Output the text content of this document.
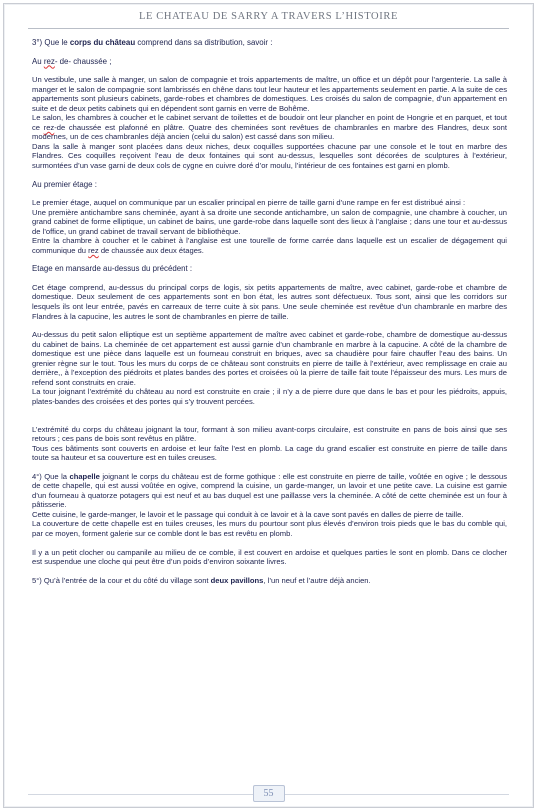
LE CHATEAU DE SARRY A TRAVERS L’HISTOIRE

3°) Que le corps du château comprend dans sa distribution, savoir :

Au rez- de- chaussée ;

Un vestibule, une salle à manger, un salon de compagnie et trois appartements de maître, un office et un dépôt pour l’argenterie. La salle à manger et le salon de compagnie sont lambrissés en chêne dans tout leur hauteur et les appartements seulement en partie. A la suite de ces appartements sont plusieurs cabinets, garde-robes et chambres de domestiques. Les croisés du salon de compagnie, d’un appartement en suite et de deux petits cabinets qui en dépendent sont garnis en verre de Bohême.

Le salon, les chambres à coucher et le cabinet servant de toilettes et de boudoir ont leur plancher en point de Hongrie et en parquet, et tout ce rez-de chaussée est plafonné en plâtre. Quatre des cheminées sont revêtues de chambranles en marbre des Flandres, deux sont modernes, un de ces chambranles déjà ancien (celui du salon) est cassé dans son milieu.

Dans la salle à manger sont placées dans deux niches, deux coquilles supportées chacune par une console et le tout en marbre des Flandres. Ces coquilles reçoivent l’eau de deux fontaines qui sont au-dessus, lesquelles sont décorées de sculptures à l’extérieur, surmontées d’un vase garni de deux cols de cygne en cuivre doré d’or moulu, l’intérieur de ces fontaines est garni en plomb.

Au premier étage :

Le premier étage, auquel on communique par un escalier principal en pierre de taille garni d’une rampe en fer est distribué ainsi :

Une première antichambre sans cheminée, ayant à sa droite une seconde antichambre, un salon de compagnie, une chambre à coucher, un grand cabinet de forme elliptique, un cabinet de bains, une garde-robe dans laquelle sont des lieux à l’anglaise ; dans une tour et au-dessus de l’office, un grand cabinet de travail servant de bibliothèque.

Entre la chambre à coucher et le cabinet à l’anglaise est une tourelle de forme carrée dans laquelle est un escalier de dégagement qui communique du rez de chaussée aux deux étages.

Etage en mansarde au-dessus du précédent :

Cet étage comprend, au-dessus du principal corps de logis, six petits appartements de maître, avec cabinet, garde-robe et chambre de domestique. Deux seulement de ces appartements sont en bon état, les autres sont défectueux. Tous sont, ainsi que les corridors sur lesquels ils ont leur entrée, pavés en carreaux de terre cuite à six pans. Une seule cheminée est revêtue d’un chambranle en marbre des Flandres à la capucine, les autres le sont de chambranles en pierre de taille.

Au-dessus du petit salon elliptique est un septième appartement de maître avec cabinet et garde-robe, chambre de domestique au-dessus du cabinet de bains. La cheminée de cet appartement est aussi garnie d’un chambranle en marbre à la capucine. A côté de la chambre de domestique est une pièce dans laquelle est un fourneau construit en briques, avec sa chaudière pour faire chauffer l’eau des bains. Un grenier règne sur le tout. Tous les murs du corps de ce château sont construits en pierre de taille à l’extérieur, avec remplissage en craie au derrière,, à l’exception des piédroits et plates bandes des portes et croisées où la pierre de taille fait toute l’épaisseur des murs. Les murs de refend sont construits en craie.

La tour joignant l’extrémité du château au nord est construite en craie ; il n’y a de pierre dure que dans le bas et pour les piédroits, appuis, plates-bandes des croisées et des portes qui s’y trouvent percées.

L’extrémité du corps du château joignant la tour, formant à son milieu avant-corps circulaire, est construite en pans de bois ainsi que ses retours ; ces pans de bois sont revêtus en plâtre.

Tous ces bâtiments sont couverts en ardoise et leur faîte l’est en plomb. La cage du grand escalier est construite en pierre de taille dans toute sa hauteur et sa couverture est en tuiles creuses.

4°) Que la chapelle joignant le corps du château est de forme gothique : elle est construite en pierre de taille, voûtée en ogive ; le dessous de cette chapelle, qui est aussi voûtée en ogive, comprend la cuisine, un garde-manger, un lavoir et une petite cave. La cuisine est garnie d’un fourneau à quatorze potagers qui est neuf et au bas duquel est une paillasse vers la cheminée. A côté de cette cheminée est un four à pâtisserie.

Cette cuisine, le garde-manger, le lavoir et le passage qui conduit à ce lavoir et à la cave sont pavés en dalles de pierre de taille.

La couverture de cette chapelle est en tuiles creuses, les murs du pourtour sont plus élevés d’environ trois pieds que le bas du comble qui, par ce moyen, forment galerie sur ce comble dont le bas est revêtu en plomb.

Il y a un petit clocher ou campanile au milieu de ce comble, il est couvert en ardoise et quelques parties le sont en plomb. Dans ce clocher est suspendue une cloche qui peut être d’un poids d’environ soixante livres.

5°) Qu’à l’entrée de la cour et du côté du village sont deux pavillons, l’un neuf et l’autre déjà ancien.

55
